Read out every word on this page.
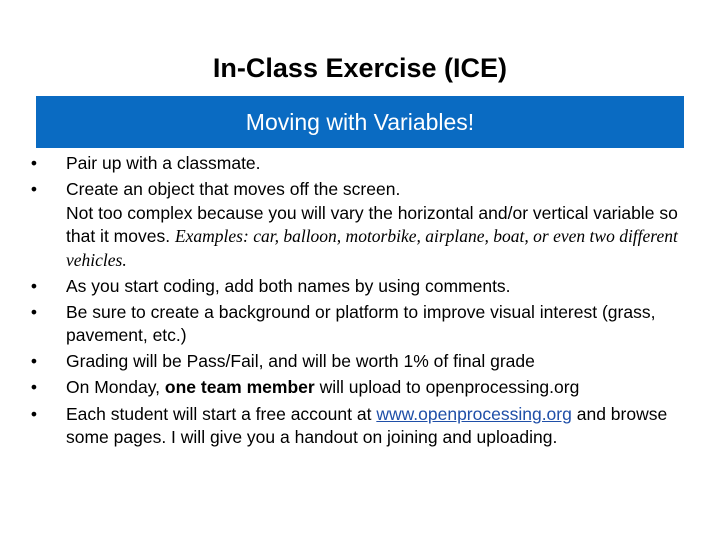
In-Class Exercise (ICE)
Moving with Variables!
• Pair up with a classmate.
• Create an object that moves off the screen.
Not too complex because you will vary the horizontal and/or vertical variable so that it moves. Examples: car, balloon, motorbike, airplane, boat, or even two different vehicles.
• As you start coding, add both names by using comments.
• Be sure to create a background or platform to improve visual interest (grass, pavement, etc.)
• Grading will be Pass/Fail, and will be worth 1% of final grade
• On Monday, one team member will upload to openprocessing.org
• Each student will start a free account at www.openprocessing.org and browse some pages. I will give you a handout on joining and uploading.
